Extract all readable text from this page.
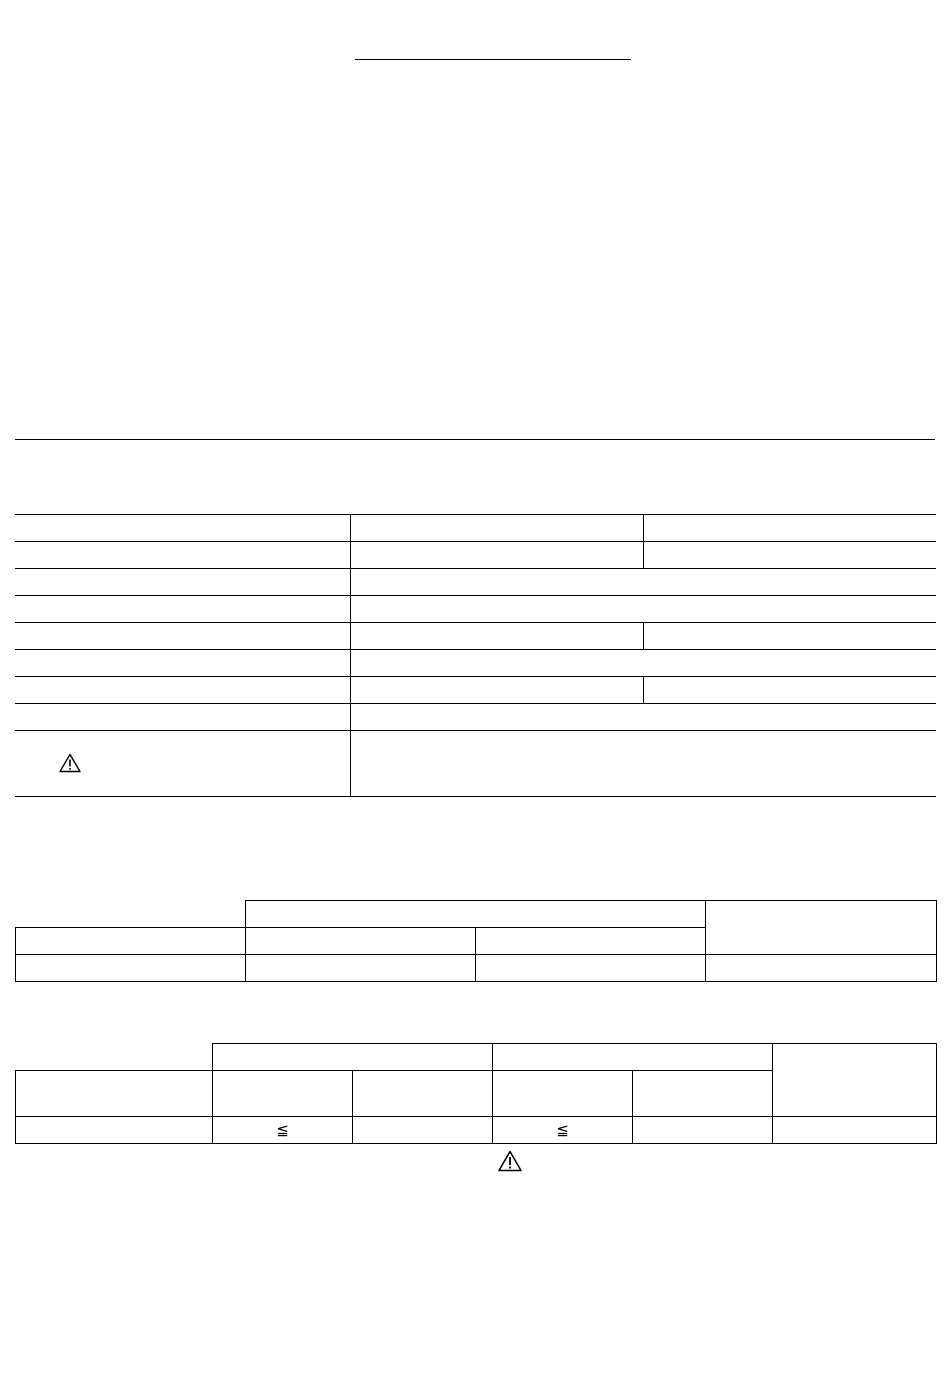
	≦		≦		
